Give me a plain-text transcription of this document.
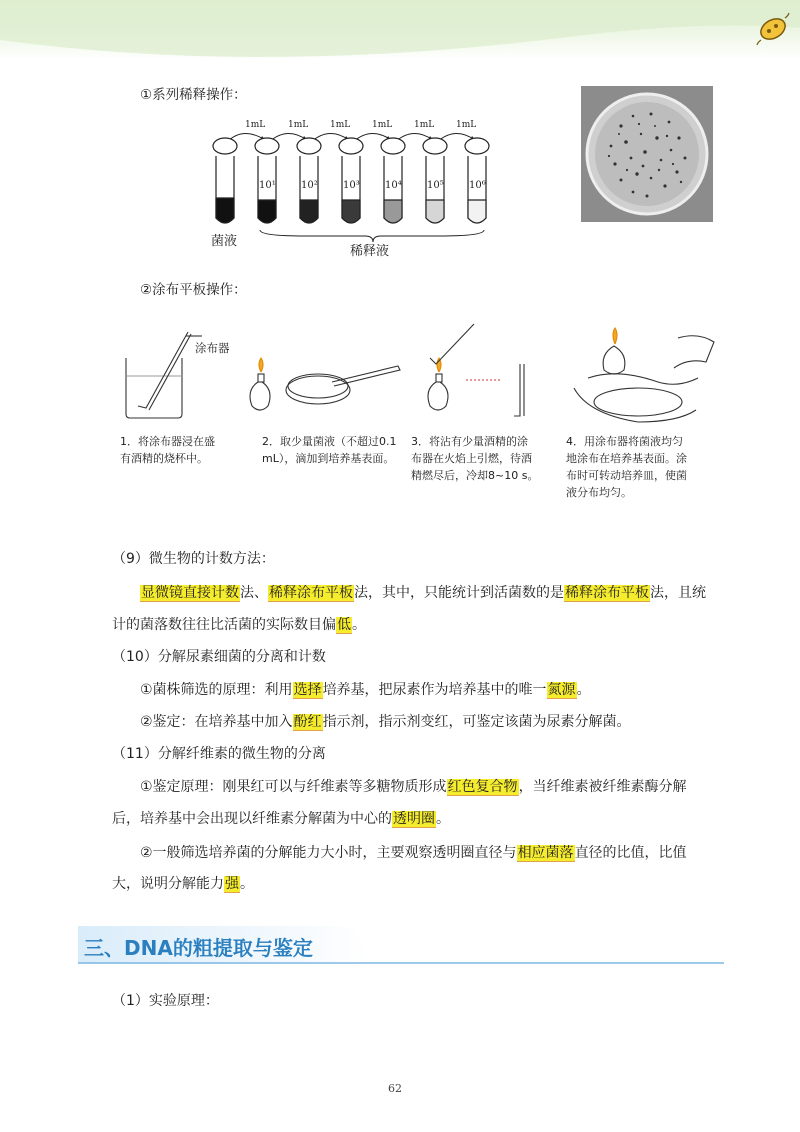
①系列稀释操作：
1mL	1mL 1mL 1mL 1mL 1mL
10¹	10²	10³	10⁴	10⁵	10⁶
菌液
稀释液
②涂布平板操作：
涂布器
1．将涂布器浸在盛
有酒精的烧杯中。
2．取少量菌液（不超过0.1
mL），滴加到培养基表面。
3．将沾有少量酒精的涂
布器在火焰上引燃，待酒
精燃尽后，冷却8~10 s。
4．用涂布器将菌液均匀
地涂布在培养基表面。涂
布时可转动培养皿，使菌
液分布均匀。
（9）微生物的计数方法：
显微镜直接计数法、稀释涂布平板法，其中，只能统计到活菌数的是稀释涂布平板法，且统
计的菌落数往往比活菌的实际数目偏低。
（10）分解尿素细菌的分离和计数
①菌株筛选的原理：利用选择培养基，把尿素作为培养基中的唯一氮源。
②鉴定：在培养基中加入酚红指示剂，指示剂变红，可鉴定该菌为尿素分解菌。
（11）分解纤维素的微生物的分离
①鉴定原理：刚果红可以与纤维素等多糖物质形成红色复合物，当纤维素被纤维素酶分解
后，培养基中会出现以纤维素分解菌为中心的透明圈。
②一般筛选培养菌的分解能力大小时，主要观察透明圈直径与相应菌落直径的比值，比值
大，说明分解能力强。
三、DNA的粗提取与鉴定
（1）实验原理：
62
